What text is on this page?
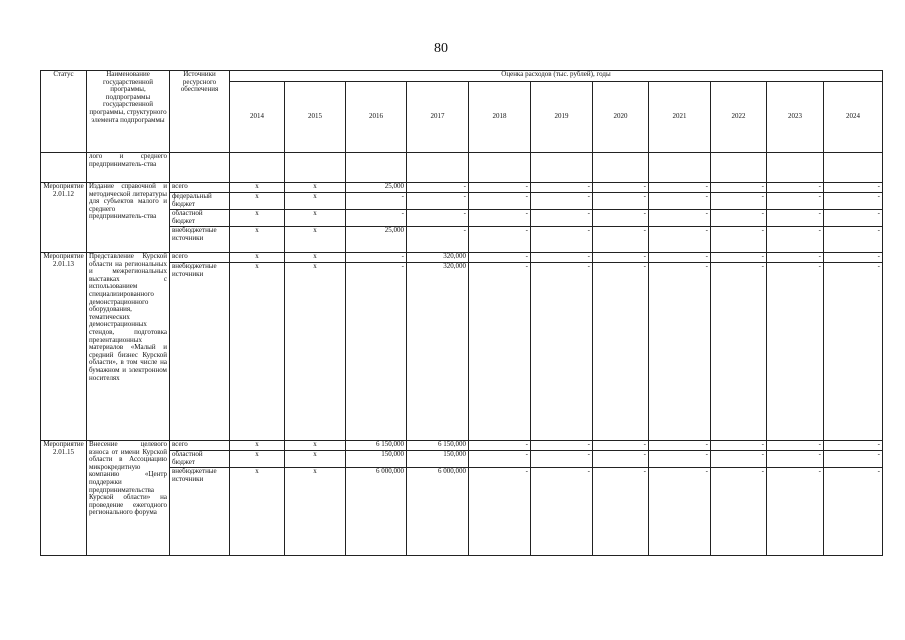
80
Статус	Наименование государственной программы, подпрограммы государственной программы, структурного элемента подпрограммы	Источники ресурсного обеспечения	Оценка расходов (тыс. рублей), годы										
			2014	2015	2016	2017	2018	2019	2020	2021	2022	2023	2024
	лого и среднего предприниматель-ства												
Мероприятие 2.01.12	Издание справочной и методической литературы для субъектов малого и среднего предприниматель-ства	всего	x	x	25,000	-	-	-	-	-	-	-	-
		федеральный бюджет	x	x	-	-	-	-	-	-	-	-	-
		областной бюджет	x	x	-	-	-	-	-	-	-	-	-
		внебюджетные источники	x	x	25,000	-	-	-	-	-	-	-	-
Мероприятие 2.01.13	Представление Курской области на региональных и межрегиональных выставках с использованием специализированного демонстрационного оборудования, тематических демонстрационных стендов, подготовка презентационных материалов «Малый и средний бизнес Курской области», в том числе на бумажном и электронном носителях	всего	x	x	-	320,000	-	-	-	-	-	-	-
		внебюджетные источники	x	x	-	320,000	-	-	-	-	-	-	-
Мероприятие 2.01.15	Внесение целевого взноса от имени Курской области в Ассоциацию микрокредитную компанию «Центр поддержки предпринимательства Курской области» на проведение ежегодного регионального форума	всего	x	x	6 150,000	6 150,000	-	-	-	-	-	-	-
		областной бюджет	x	x	150,000	150,000	-	-	-	-	-	-	-
		внебюджетные источники	x	x	6 000,000	6 000,000	-	-	-	-	-	-	-
